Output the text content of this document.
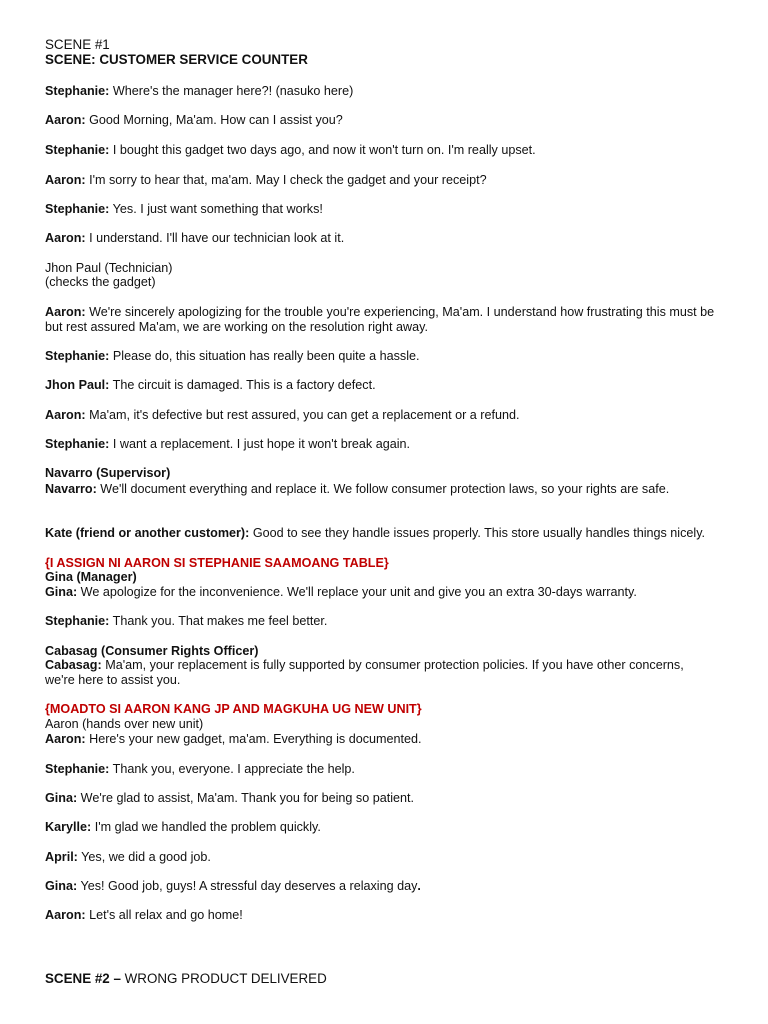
SCENE #1
SCENE: CUSTOMER SERVICE COUNTER
Stephanie: Where's the manager here?! (nasuko here)
Aaron: Good Morning, Ma'am. How can I assist you?
Stephanie: I bought this gadget two days ago, and now it won't turn on. I'm really upset.
Aaron: I'm sorry to hear that, ma'am. May I check the gadget and your receipt?
Stephanie: Yes. I just want something that works!
Aaron: I understand. I'll have our technician look at it.
Jhon Paul (Technician)
(checks the gadget)
Aaron: We're sincerely apologizing for the trouble you're experiencing, Ma'am. I understand how frustrating this must be but rest assured Ma'am, we are working on the resolution right away.
Stephanie: Please do, this situation has really been quite a hassle.
Jhon Paul: The circuit is damaged. This is a factory defect.
Aaron: Ma'am, it's defective but rest assured, you can get a replacement or a refund.
Stephanie: I want a replacement. I just hope it won't break again.
Navarro (Supervisor)
Navarro: We'll document everything and replace it. We follow consumer protection laws, so your rights are safe.
Kate (friend or another customer): Good to see they handle issues properly. This store usually handles things nicely.
{I ASSIGN NI AARON SI STEPHANIE SAAMOANG TABLE}
Gina (Manager)
Gina: We apologize for the inconvenience. We'll replace your unit and give you an extra 30-days warranty.
Stephanie: Thank you. That makes me feel better.
Cabasag (Consumer Rights Officer)
Cabasag: Ma'am, your replacement is fully supported by consumer protection policies. If you have other concerns, we're here to assist you.
{MOADTO SI AARON KANG JP AND MAGKUHA UG NEW UNIT}
Aaron (hands over new unit)
Aaron: Here's your new gadget, ma'am. Everything is documented.
Stephanie: Thank you, everyone. I appreciate the help.
Gina: We're glad to assist, Ma'am. Thank you for being so patient.
Karylle: I'm glad we handled the problem quickly.
April: Yes, we did a good job.
Gina: Yes! Good job, guys! A stressful day deserves a relaxing day.
Aaron: Let's all relax and go home!
SCENE #2 – WRONG PRODUCT DELIVERED
